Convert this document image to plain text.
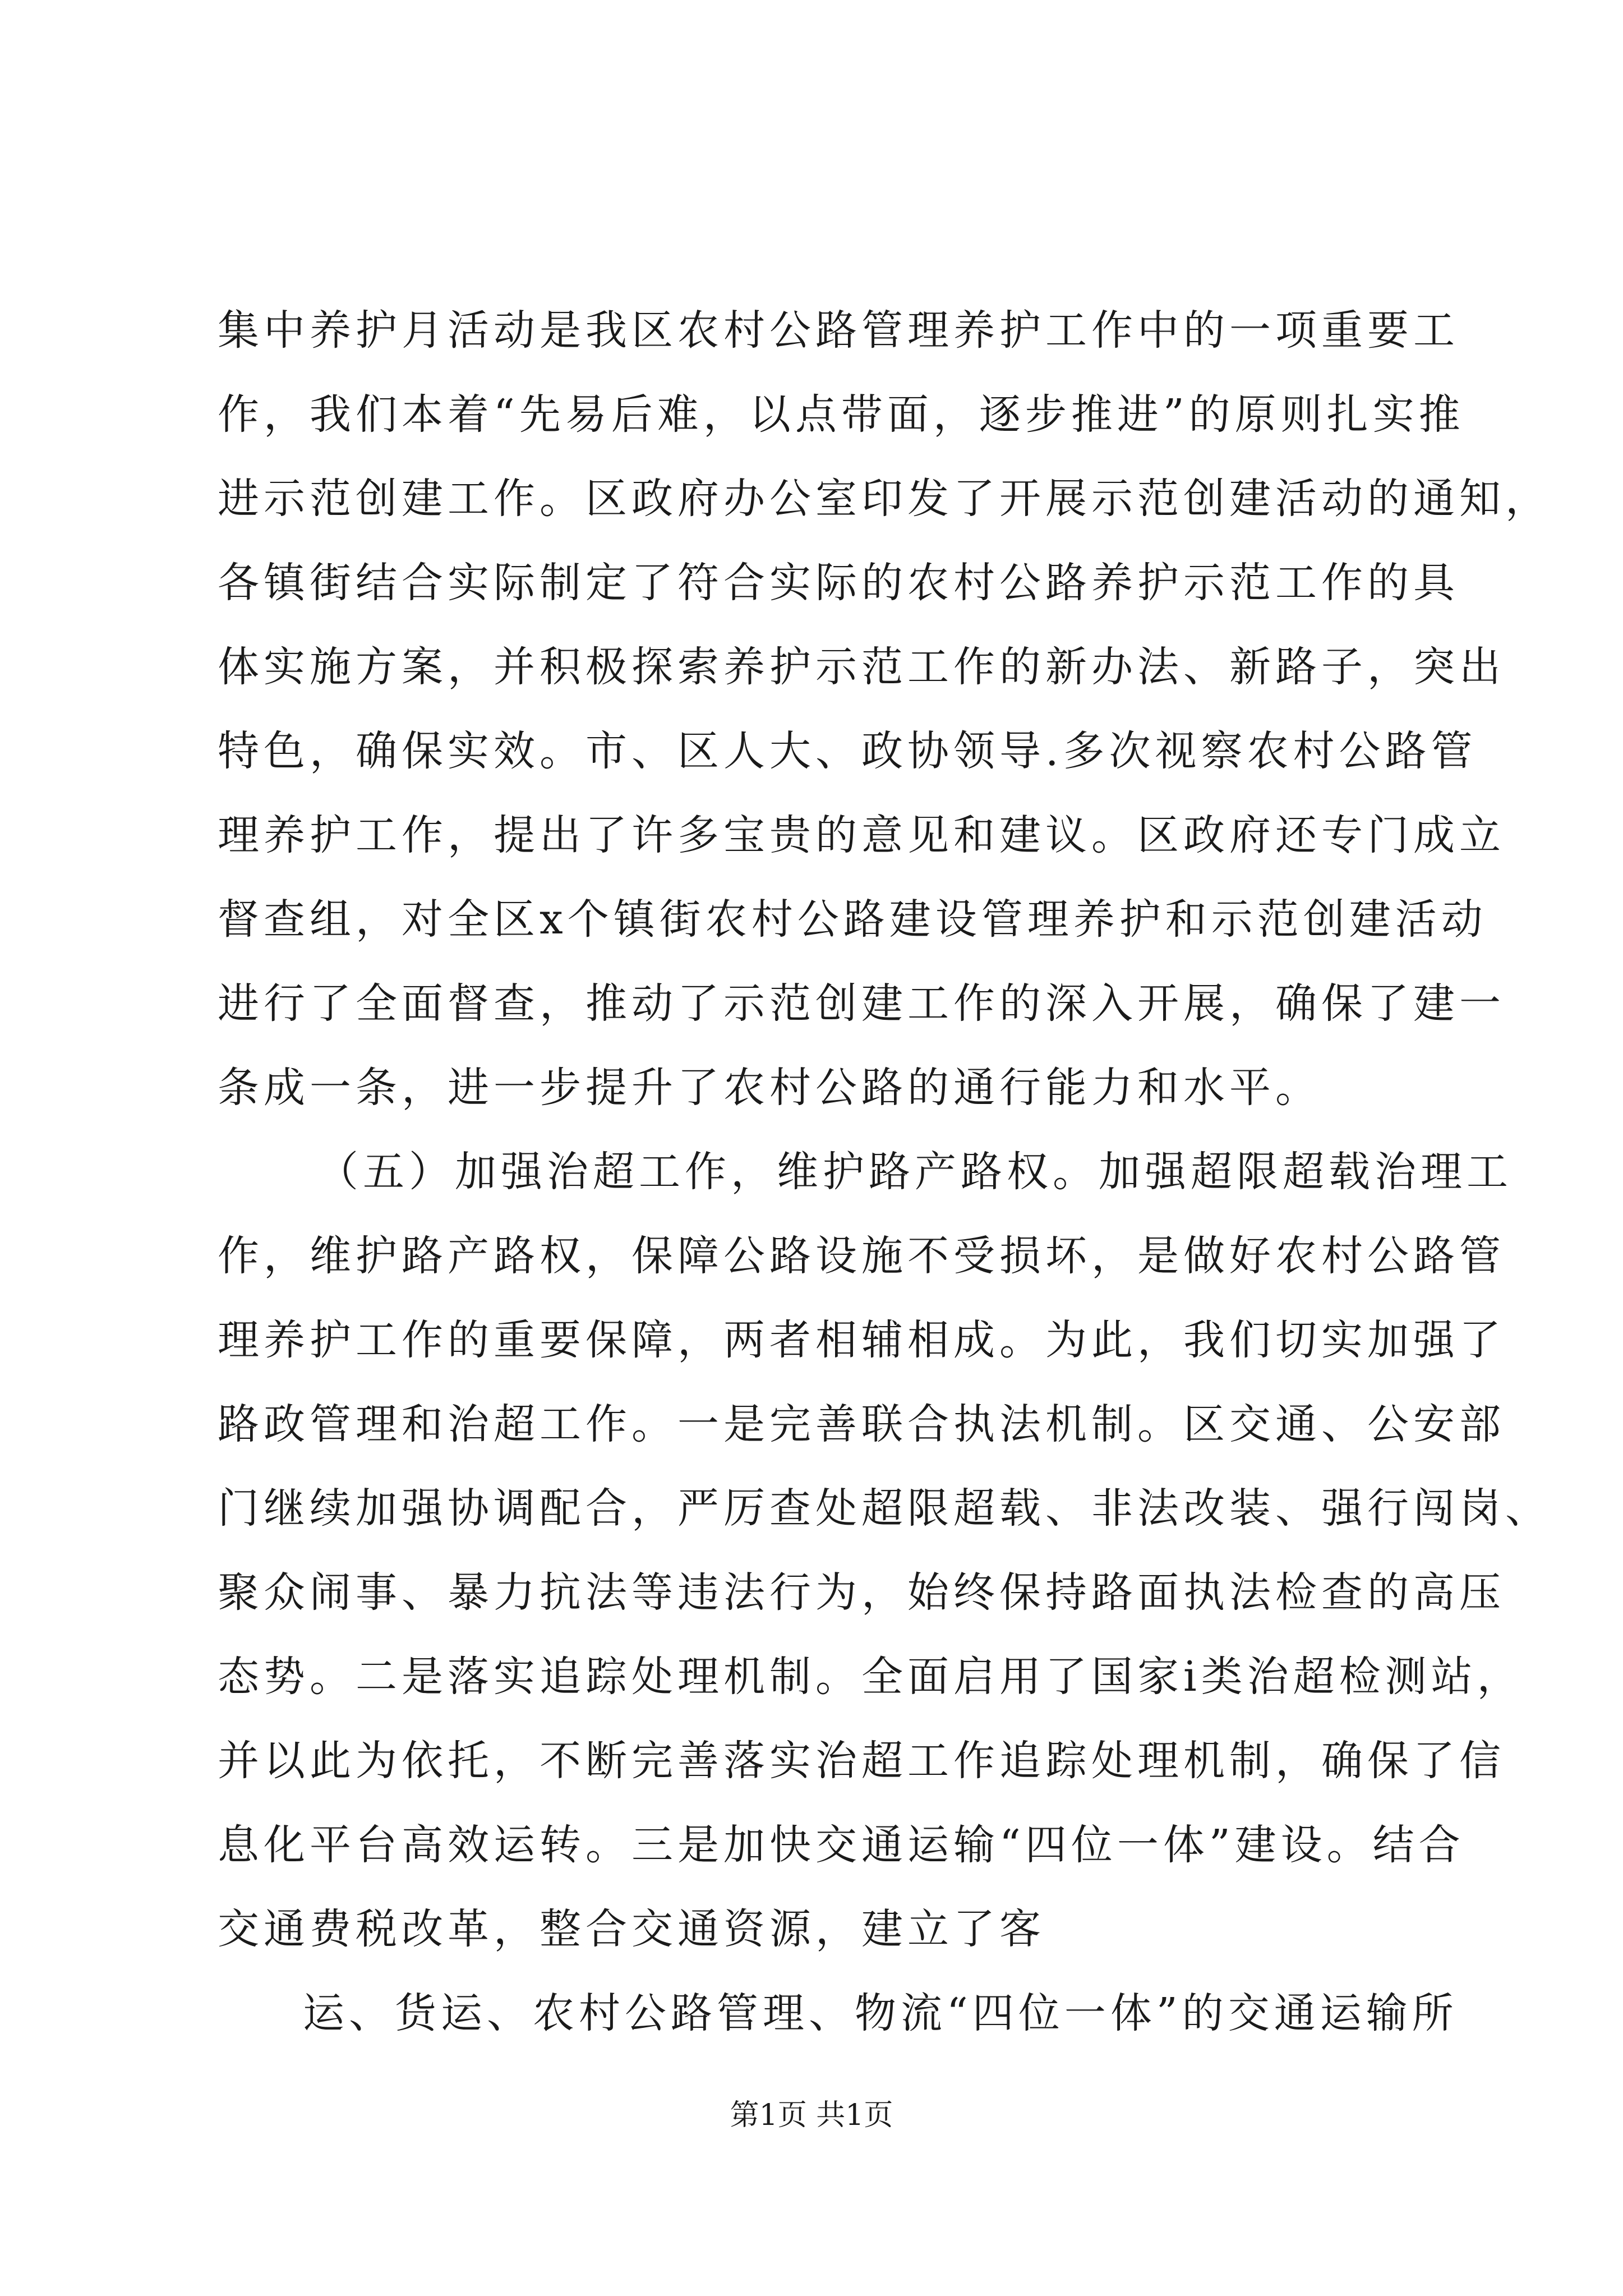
集中养护月活动是我区农村公路管理养护工作中的一项重要工
作，我们本着“先易后难，以点带面，逐步推进”的原则扎实推
进示范创建工作。区政府办公室印发了开展示范创建活动的通知，
各镇街结合实际制定了符合实际的农村公路养护示范工作的具
体实施方案，并积极探索养护示范工作的新办法、新路子，突出
特色，确保实效。市、区人大、政协领导.多次视察农村公路管
理养护工作，提出了许多宝贵的意见和建议。区政府还专门成立
督查组，对全区x个镇街农村公路建设管理养护和示范创建活动
进行了全面督查，推动了示范创建工作的深入开展，确保了建一
条成一条，进一步提升了农村公路的通行能力和水平。
（五）加强治超工作，维护路产路权。加强超限超载治理工
作，维护路产路权，保障公路设施不受损坏，是做好农村公路管
理养护工作的重要保障，两者相辅相成。为此，我们切实加强了
路政管理和治超工作。一是完善联合执法机制。区交通、公安部
门继续加强协调配合，严厉查处超限超载、非法改装、强行闯岗、
聚众闹事、暴力抗法等违法行为，始终保持路面执法检查的高压
态势。二是落实追踪处理机制。全面启用了国家i类治超检测站，
并以此为依托，不断完善落实治超工作追踪处理机制，确保了信
息化平台高效运转。三是加快交通运输“四位一体”建设。结合
交通费税改革，整合交通资源，建立了客
运、货运、农村公路管理、物流“四位一体”的交通运输所
第1页 共1页
